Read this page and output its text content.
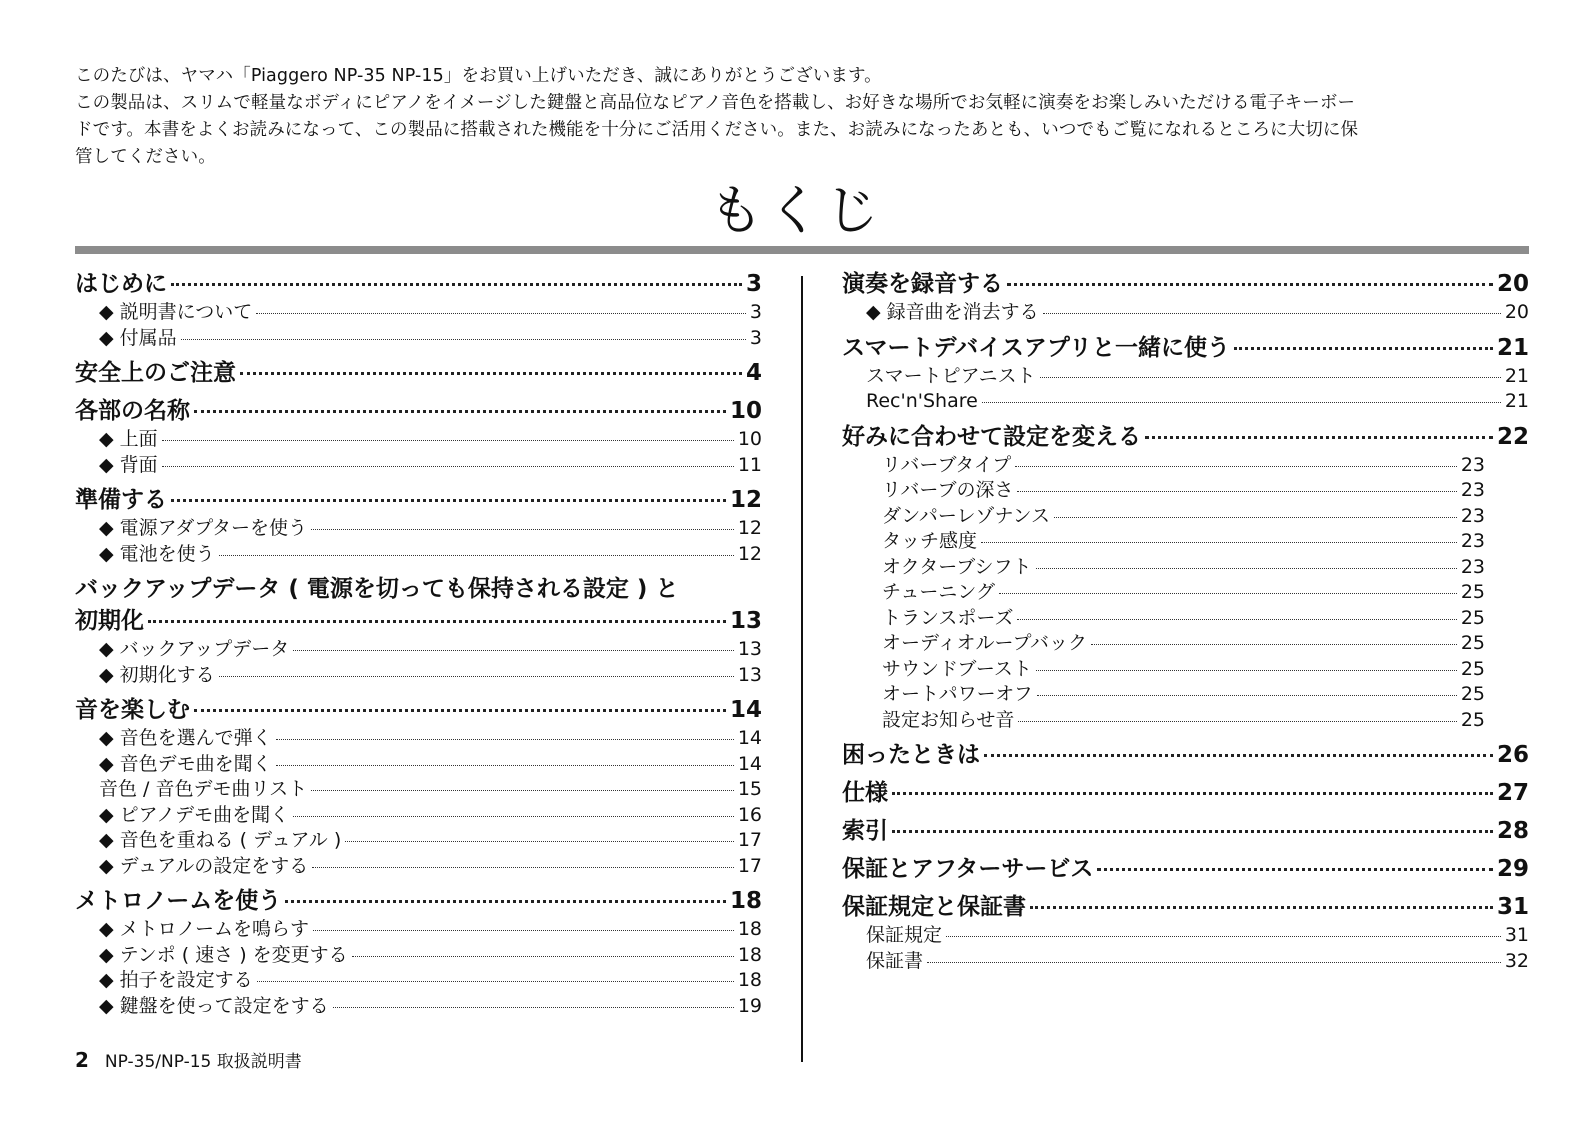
このたびは、ヤマハ「Piaggero NP-35 NP-15」をお買い上げいただき、誠にありがとうございます。

この製品は、スリムで軽量なボディにピアノをイメージした鍵盤と高品位なピアノ音色を搭載し、お好きな場所でお気軽に演奏をお楽しみいただける電子キーボー

ドです。本書をよくお読みになって、この製品に搭載された機能を十分にご活用ください。また、お読みになったあとも、いつでもご覧になれるところに大切に保

管してください。

もくじ
はじめに	3
◆ 説明書について	3
◆ 付属品	3
安全上のご注意	4
各部の名称	10
◆ 上面	10
◆ 背面	11
準備する	12
◆ 電源アダプターを使う	12
◆ 電池を使う	12
バックアップデータ ( 電源を切っても保持される設定 ) と
初期化	13
◆ バックアップデータ	13
◆ 初期化する	13
音を楽しむ	14
◆ 音色を選んで弾く	14
◆ 音色デモ曲を聞く	14
音色 / 音色デモ曲リスト	15
◆ ピアノデモ曲を聞く	16
◆ 音色を重ねる ( デュアル )	17
◆ デュアルの設定をする	17
メトロノームを使う	18
◆ メトロノームを鳴らす	18
◆ テンポ ( 速さ ) を変更する	18
◆ 拍子を設定する	18
◆ 鍵盤を使って設定をする	19
演奏を録音する	20
◆ 録音曲を消去する	20
スマートデバイスアプリと一緒に使う	21
スマートピアニスト	21
Rec'n'Share	21
好みに合わせて設定を変える	22
リバーブタイプ	23
リバーブの深さ	23
ダンパーレゾナンス	23
タッチ感度	23
オクターブシフト	23
チューニング	25
トランスポーズ	25
オーディオループバック	25
サウンドブースト	25
オートパワーオフ	25
設定お知らせ音	25
困ったときは	26
仕様	27
索引	28
保証とアフターサービス	29
保証規定と保証書	31
保証規定	31
保証書	32
2 NP-35/NP-15 取扱説明書
